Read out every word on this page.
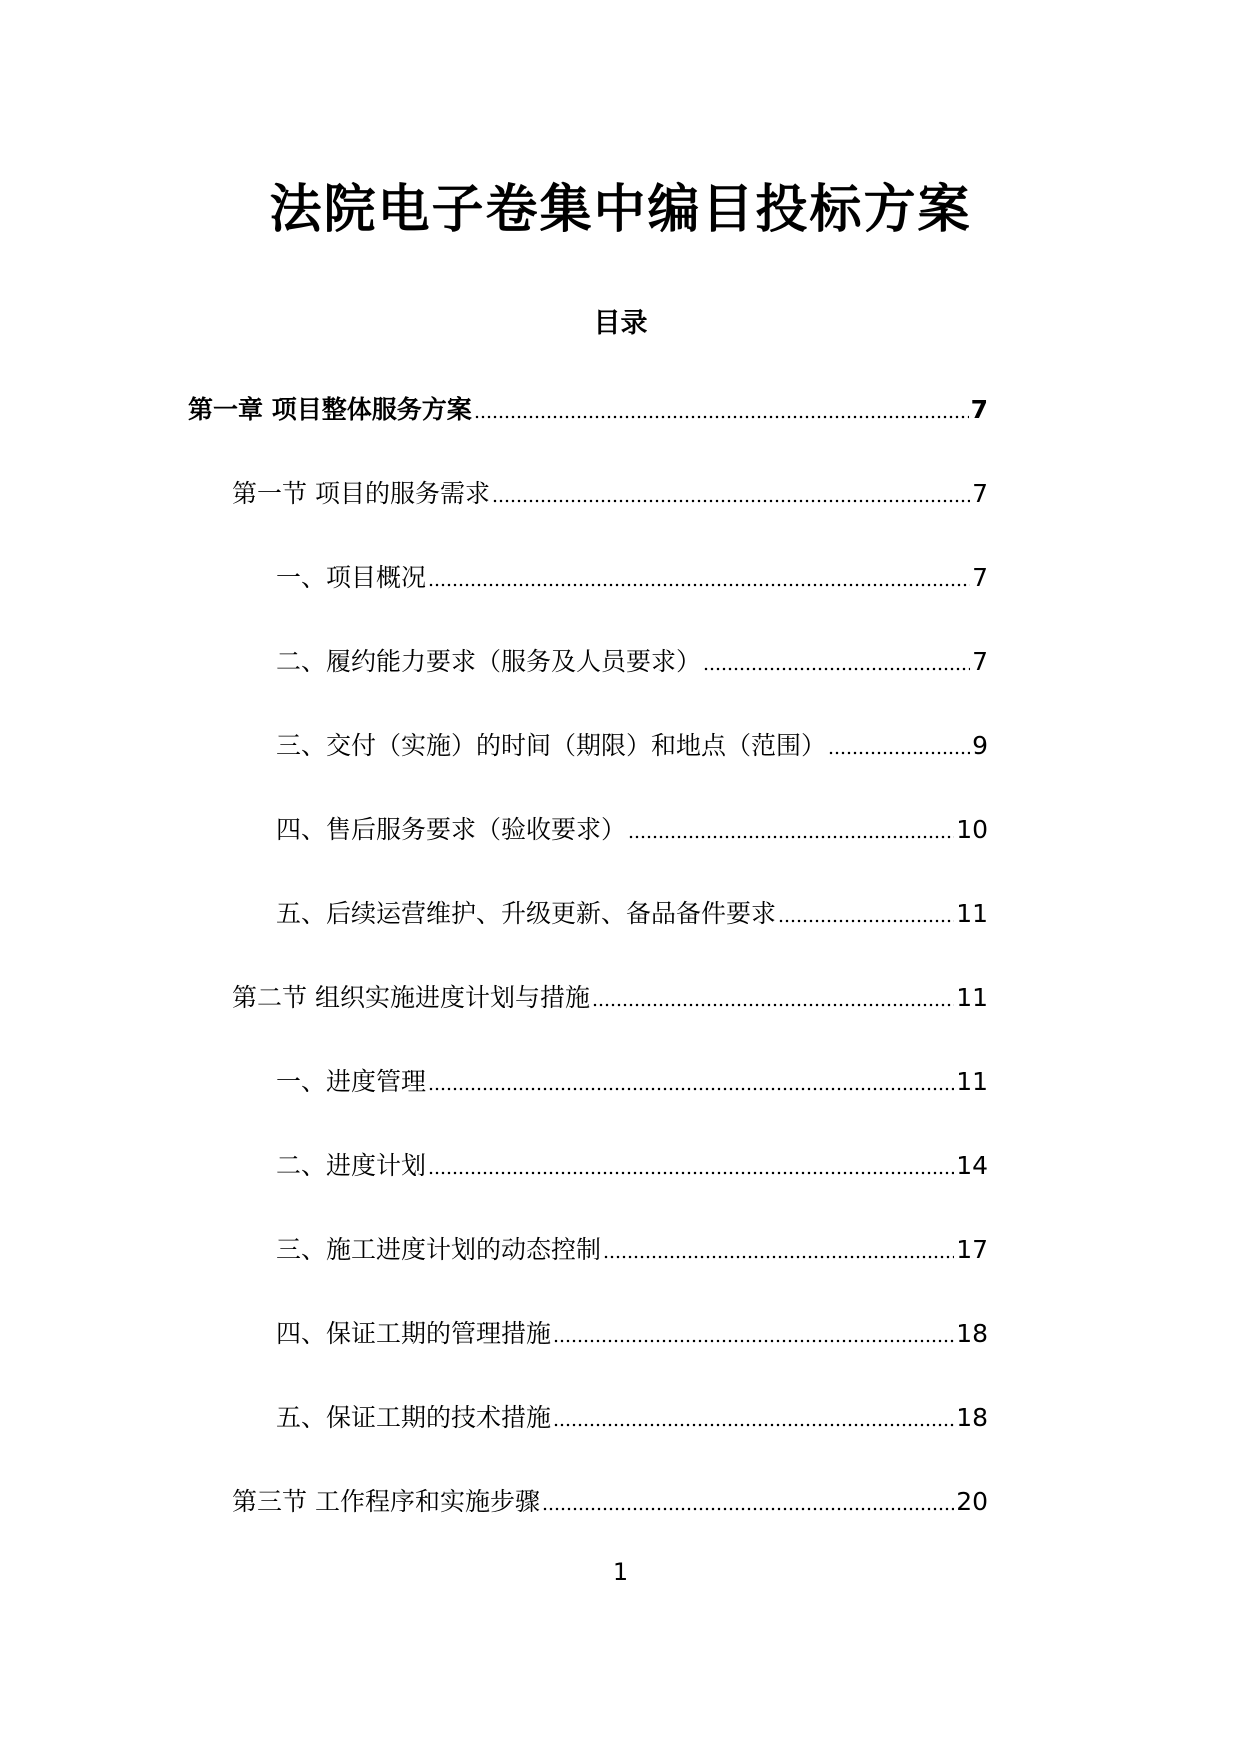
法院电子卷集中编目投标方案
目录
第一章 项目整体服务方案	7
第一节 项目的服务需求	7
一、项目概况	7
二、履约能力要求（服务及人员要求）	7
三、交付（实施）的时间（期限）和地点（范围）	9
四、售后服务要求（验收要求）	10
五、后续运营维护、升级更新、备品备件要求	11
第二节 组织实施进度计划与措施	11
一、进度管理	11
二、进度计划	14
三、施工进度计划的动态控制	17
四、保证工期的管理措施	18
五、保证工期的技术措施	18
第三节 工作程序和实施步骤	20
1
